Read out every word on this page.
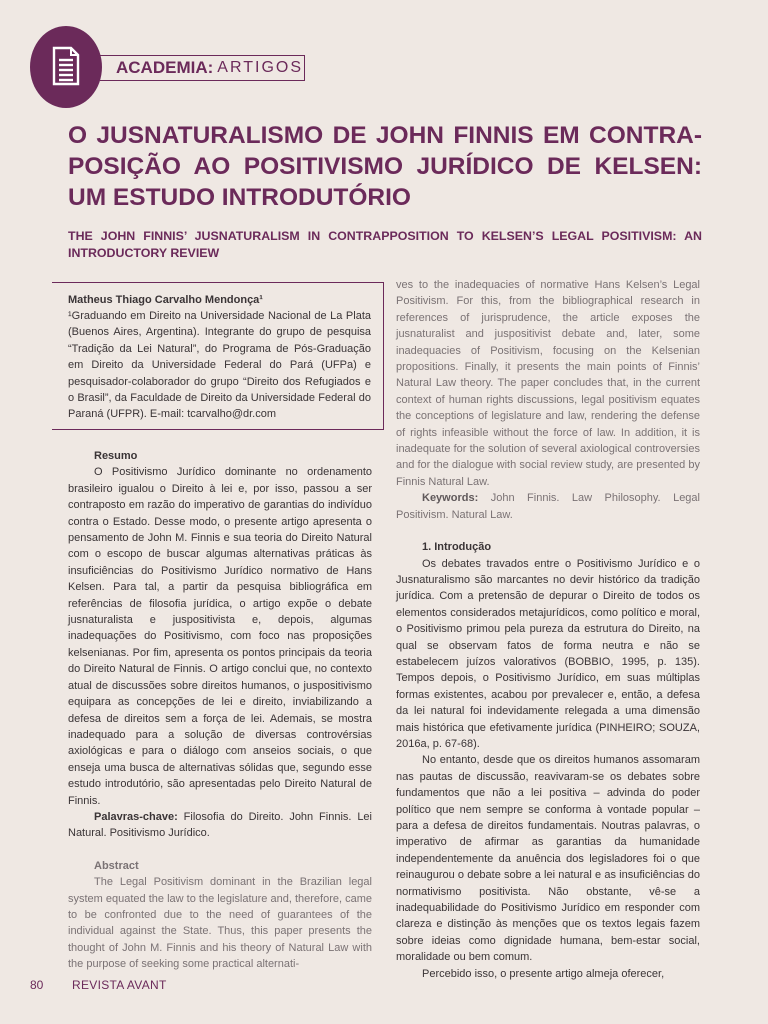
ACADEMIA: ARTIGOS
O JUSNATURALISMO DE JOHN FINNIS EM CONTRA-POSIÇÃO AO POSITIVISMO JURÍDICO DE KELSEN: UM ESTUDO INTRODUTÓRIO
THE JOHN FINNIS’ JUSNATURALISM IN CONTRAPPOSITION TO KELSEN’S LEGAL POSITIVISM: AN INTRODUCTORY REVIEW

Matheus Thiago Carvalho Mendonça¹

¹Graduando em Direito na Universidade Nacional de La Plata (Buenos Aires, Argentina). Integrante do grupo de pesquisa “Tradição da Lei Natural”, do Programa de Pós-Graduação em Direito da Universidade Federal do Pará (UFPa) e pesquisador-colaborador do grupo “Direito dos Refugiados e o Brasil”, da Faculdade de Direito da Universidade Federal do Paraná (UFPR). E-mail: tcarvalho@dr.com

Resumo

O Positivismo Jurídico dominante no ordenamento brasileiro igualou o Direito à lei e, por isso, passou a ser contraposto em razão do imperativo de garantias do indivíduo contra o Estado. Desse modo, o presente artigo apresenta o pensamento de John M. Finnis e sua teoria do Direito Natural com o escopo de buscar algumas alternativas práticas às insuficiências do Positivismo Jurídico normativo de Hans Kelsen. Para tal, a partir da pesquisa bibliográfica em referências de filosofia jurídica, o artigo expõe o debate jusnaturalista e juspositivista e, depois, algumas inadequações do Positivismo, com foco nas proposições kelsenianas. Por fim, apresenta os pontos principais da teoria do Direito Natural de Finnis. O artigo conclui que, no contexto atual de discussões sobre direitos humanos, o juspositivismo equipara as concepções de lei e direito, inviabilizando a defesa de direitos sem a força de lei. Ademais, se mostra inadequado para a solução de diversas controvérsias axiológicas e para o diálogo com anseios sociais, o que enseja uma busca de alternativas sólidas que, segundo esse estudo introdutório, são apresentadas pelo Direito Natural de Finnis.

Palavras-chave: Filosofia do Direito. John Finnis. Lei Natural. Positivismo Jurídico.

Abstract

The Legal Positivism dominant in the Brazilian legal system equated the law to the legislature and, therefore, came to be confronted due to the need of guarantees of the individual against the State. Thus, this paper presents the thought of John M. Finnis and his theory of Natural Law with the purpose of seeking some practical alternati-

ves to the inadequacies of normative Hans Kelsen’s Legal Positivism. For this, from the bibliographical research in references of jurisprudence, the article exposes the jusnaturalist and juspositivist debate and, later, some inadequacies of Positivism, focusing on the Kelsenian propositions. Finally, it presents the main points of Finnis’ Natural Law theory. The paper concludes that, in the current context of human rights discussions, legal positivism equates the conceptions of legislature and law, rendering the defense of rights infeasible without the force of law. In addition, it is inadequate for the solution of several axiological controversies and for the dialogue with social review study, are presented by Finnis Natural Law.

Keywords: John Finnis. Law Philosophy. Legal Positivism. Natural Law.

1. Introdução

Os debates travados entre o Positivismo Jurídico e o Jusnaturalismo são marcantes no devir histórico da tradição jurídica. Com a pretensão de depurar o Direito de todos os elementos considerados metajurídicos, como político e moral, o Positivismo primou pela pureza da estrutura do Direito, na qual se observam fatos de forma neutra e não se estabelecem juízos valorativos (BOBBIO, 1995, p. 135). Tempos depois, o Positivismo Jurídico, em suas múltiplas formas existentes, acabou por prevalecer e, então, a defesa da lei natural foi indevidamente relegada a uma dimensão mais histórica que efetivamente jurídica (PINHEIRO; SOUZA, 2016a, p. 67-68).

No entanto, desde que os direitos humanos assomaram nas pautas de discussão, reavivaram-se os debates sobre fundamentos que não a lei positiva – advinda do poder político que nem sempre se conforma à vontade popular – para a defesa de direitos fundamentais. Noutras palavras, o imperativo de afirmar as garantias da humanidade independentemente da anuência dos legisladores foi o que reinaugurou o debate sobre a lei natural e as insuficiências do normativismo positivista. Não obstante, vê-se a inadequabilidade do Positivismo Jurídico em responder com clareza e distinção às menções que os textos legais fazem sobre ideias como dignidade humana, bem-estar social, moralidade ou bem comum.

Percebido isso, o presente artigo almeja oferecer,

80 REVISTA AVANT
